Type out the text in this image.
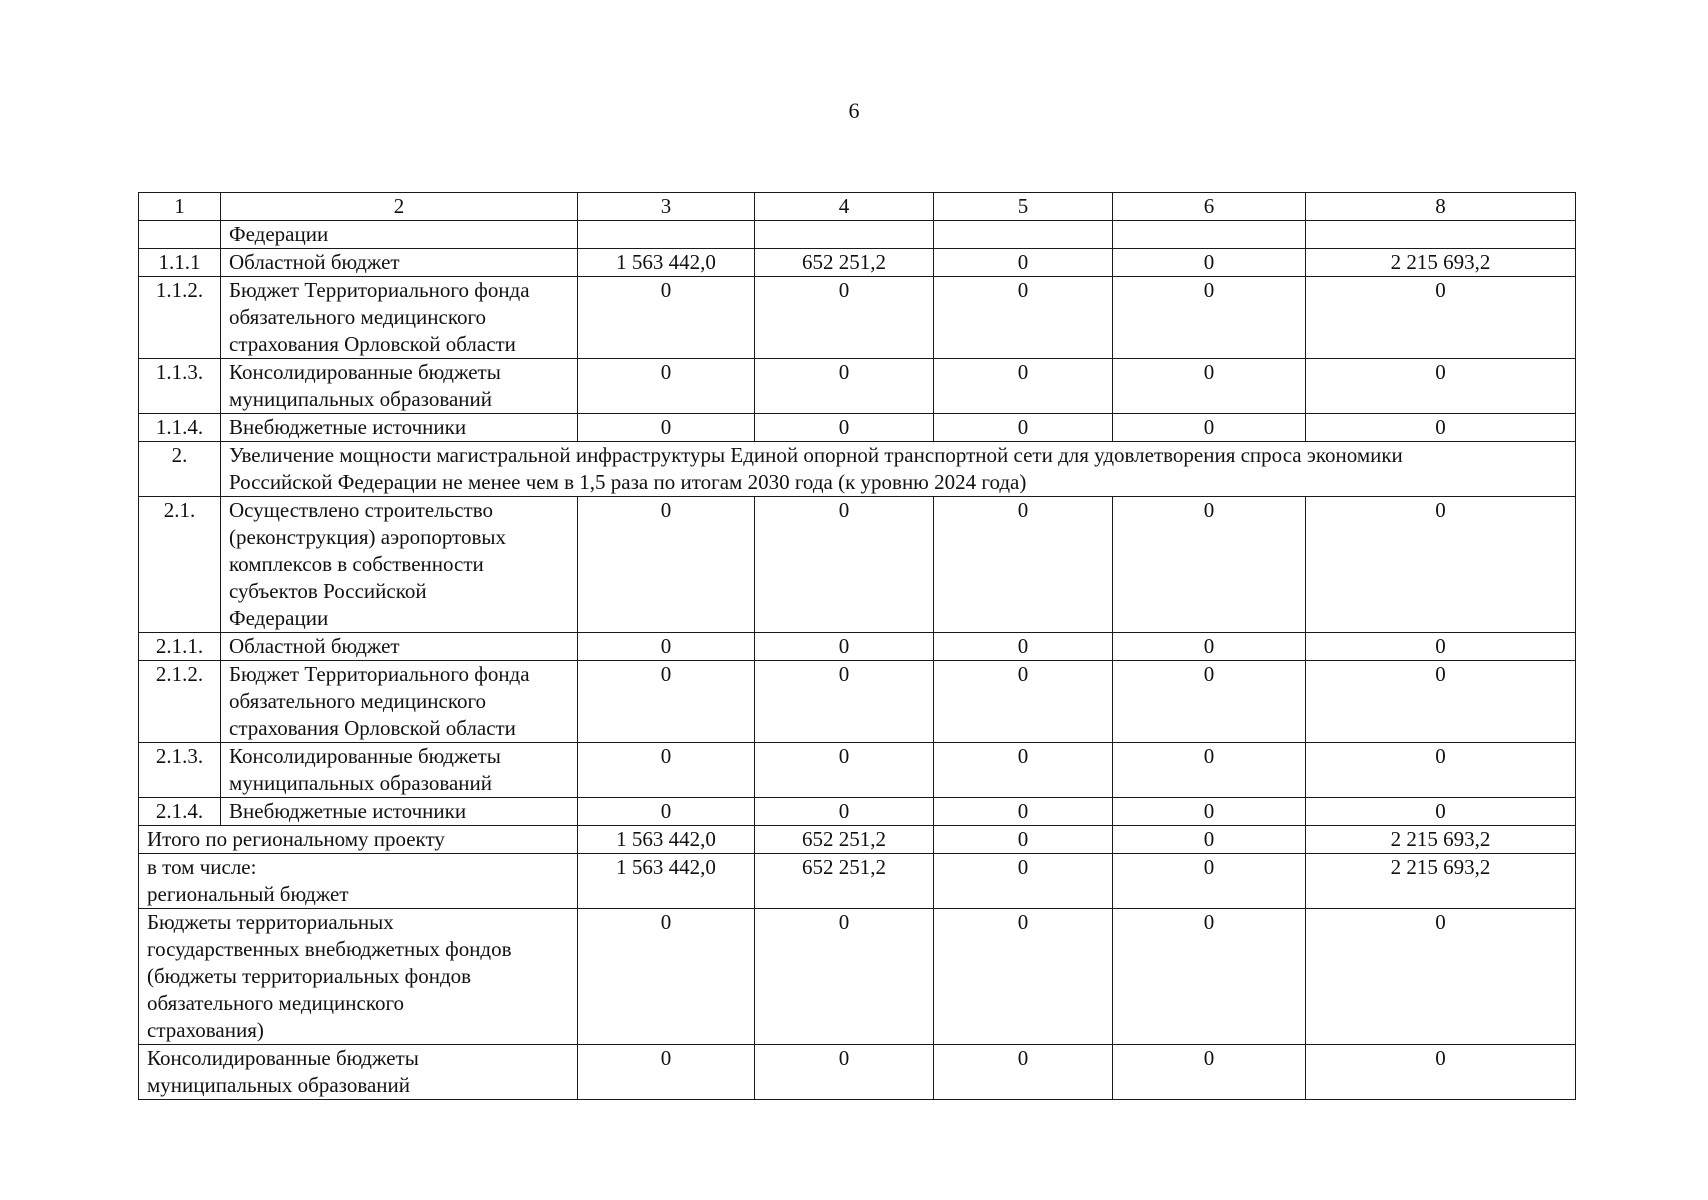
6
1	2	3	4	5	6	8

	Федерации					

1.1.1	Областной бюджет	1 563 442,0	652 251,2	0	0	2 215 693,2
1.1.2.	Бюджет Территориального фонда
обязательного медицинского
страхования Орловской области	0	0	0	0	0
1.1.3.	Консолидированные бюджеты
муниципальных образований	0	0	0	0	0
1.1.4.	Внебюджетные источники	0	0	0	0	0
2.	Увеличение мощности магистральной инфраструктуры Единой опорной транспортной сети для удовлетворения спроса экономики
Российской Федерации не менее чем в 1,5 раза по итогам 2030 года (к уровню 2024 года)					

2.1.	Осуществлено строительство
(реконструкция) аэропортовых
комплексов в собственности
субъектов Российской
Федерации	0	0	0	0	0
2.1.1.	Областной бюджет	0	0	0	0	0
2.1.2.	Бюджет Территориального фонда
обязательного медицинского
страхования Орловской области	0	0	0	0	0
2.1.3.	Консолидированные бюджеты
муниципальных образований	0	0	0	0	0
2.1.4.	Внебюджетные источники	0	0	0	0	0

Итого по региональному проекту		1 563 442,0	652 251,2	0	0	2 215 693,2

в том числе:
региональный бюджет		1 563 442,0	652 251,2	0	0	2 215 693,2

Бюджеты территориальных
государственных внебюджетных фондов
(бюджеты территориальных фондов
обязательного медицинского
страхования)		0	0	0	0	0

Консолидированные бюджеты
муниципальных образований		0	0	0	0	0
